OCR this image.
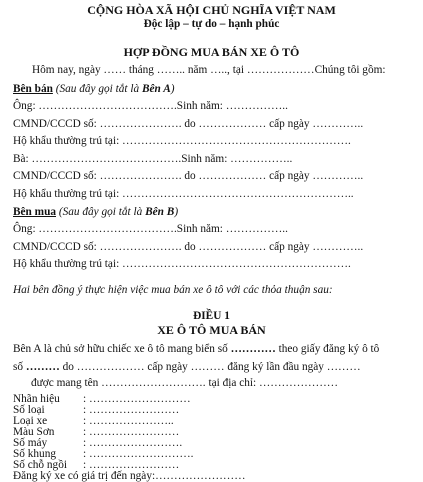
CỘNG HÒA XÃ HỘI CHỦ NGHĨA VIỆT NAM
Độc lập – tự do – hạnh phúc
HỢP ĐỒNG MUA BÁN XE Ô TÔ
Hôm nay, ngày …… tháng …….. năm ….., tại ………………Chúng tôi gồm:
Bên bán (Sau đây gọi tắt là Bên A)
Ông: ……………………………….Sinh năm: ……………..
CMND/CCCD số: …………………. do ……………… cấp ngày …………..
Hộ khẩu thường trú tại: …………………………………………………….
Bà: ………………………………….Sinh năm: ……………..
CMND/CCCD số: …………………. do ……………… cấp ngày …………..
Hộ khẩu thường trú tại: ……………………………………………………..
Bên mua (Sau đây gọi tắt là Bên B)
Ông: ……………………………….Sinh năm: ……………..
CMND/CCCD số: …………………. do ……………… cấp ngày …………..
Hộ khẩu thường trú tại: …………………………………………………….
Hai bên đồng ý thực hiện việc mua bán xe ô tô với các thỏa thuận sau:
ĐIỀU 1
XE Ô TÔ MUA BÁN
Bên A là chủ sở hữu chiếc xe ô tô mang biển số ………… theo giấy đăng ký ô tô
số ……… do ……………… cấp ngày ……… đăng ký lần đầu ngày ………
được mang tên ………………………. tại địa chỉ: …………………
Nhãn hiệu : ………………………
Số loại	: ……………………
Loại xe	: …………………..
Màu Sơn	: ……………………
Số máy	: …………………….
Số khung : ……………………….
Số chỗ ngồi : ……………………
Đăng ký xe có giá trị đến ngày:……………………
